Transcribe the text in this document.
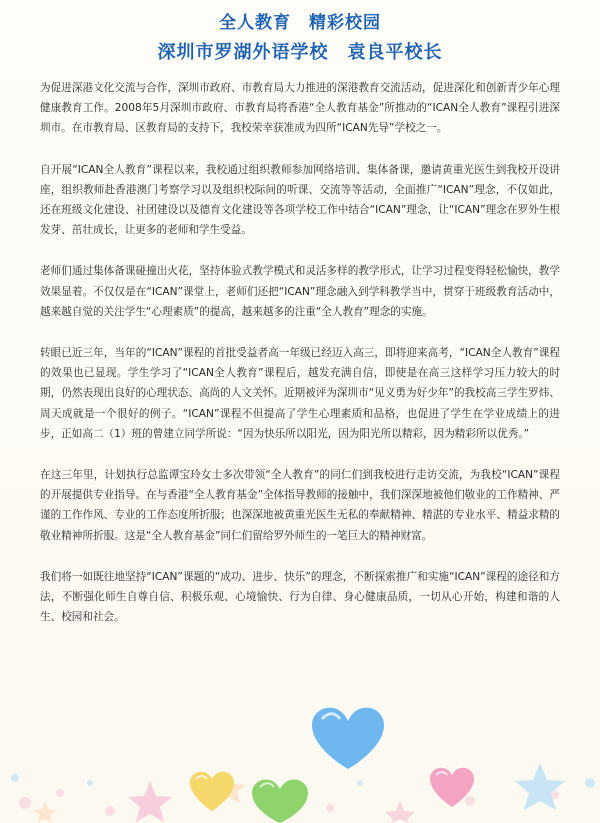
全人教育　精彩校园
深圳市罗湖外语学校　袁良平校长

为促进深港文化交流与合作，深圳市政府、市教育局大力推进的深港教育交流活动，促进深化和创新青少年心理健康教育工作。2008年5月深圳市政府、市教育局将香港“全人教育基金”所推动的“ICAN全人教育”课程引进深圳市。在市教育局、区教育局的支持下，我校荣幸获准成为四所“ICAN先导”学校之一。

自开展“ICAN全人教育”课程以来，我校通过组织教师参加网络培训、集体备课，邀请黄重光医生到我校开设讲座，组织教师赴香港澳门考察学习以及组织校际间的听课、交流等等活动，全面推广“ICAN”理念，不仅如此，还在班级文化建设、社团建设以及德育文化建设等各项学校工作中结合“ICAN”理念，让“ICAN”理念在罗外生根发芽、茁壮成长，让更多的老师和学生受益。

老师们通过集体备课碰撞出火花，坚持体验式教学模式和灵活多样的教学形式，让学习过程变得轻松愉快，教学效果显着。不仅仅是在“ICAN”课堂上，老师们还把“ICAN”理念融入到学科教学当中，贯穿于班级教育活动中，越来越自觉的关注学生“心理素质”的提高，越来越多的注重“全人教育”理念的实施。

转眼已近三年，当年的“ICAN”课程的首批受益者高一年级已经迈入高三，即将迎来高考，“ICAN全人教育”课程的效果也已显现。学生学习了“ICAN全人教育”课程后，越发充满自信，即使是在高三这样学习压力较大的时期，仍然表现出良好的心理状态、高尚的人文关怀。近期被评为深圳市“见义勇为好少年”的我校高三学生罗炜、周天成就是一个很好的例子。“ICAN”课程不但提高了学生心理素质和品格，也促进了学生在学业成绩上的进步，正如高二（1）班的曾建立同学所说：“因为快乐所以阳光，因为阳光所以精彩，因为精彩所以优秀。”

在这三年里，计划执行总监谭宝玲女士多次带领“全人教育”的同仁们到我校进行走访交流，为我校“ICAN”课程的开展提供专业指导。在与香港“全人教育基金”全体指导教师的接触中，我们深深地被他们敬业的工作精神、严谨的工作作风、专业的工作态度所折服；也深深地被黄重光医生无私的奉献精神、精湛的专业水平、精益求精的敬业精神所折服。这是“全人教育基金”同仁们留给罗外师生的一笔巨大的精神财富。

我们将一如既往地坚持“ICAN”课题的“成功、进步、快乐”的理念，不断探索推广和实施“ICAN”课程的途径和方法，不断强化师生自尊自信、积极乐观、心境愉快、行为自律、身心健康品质，一切从心开始，构建和谐的人生、校园和社会。
